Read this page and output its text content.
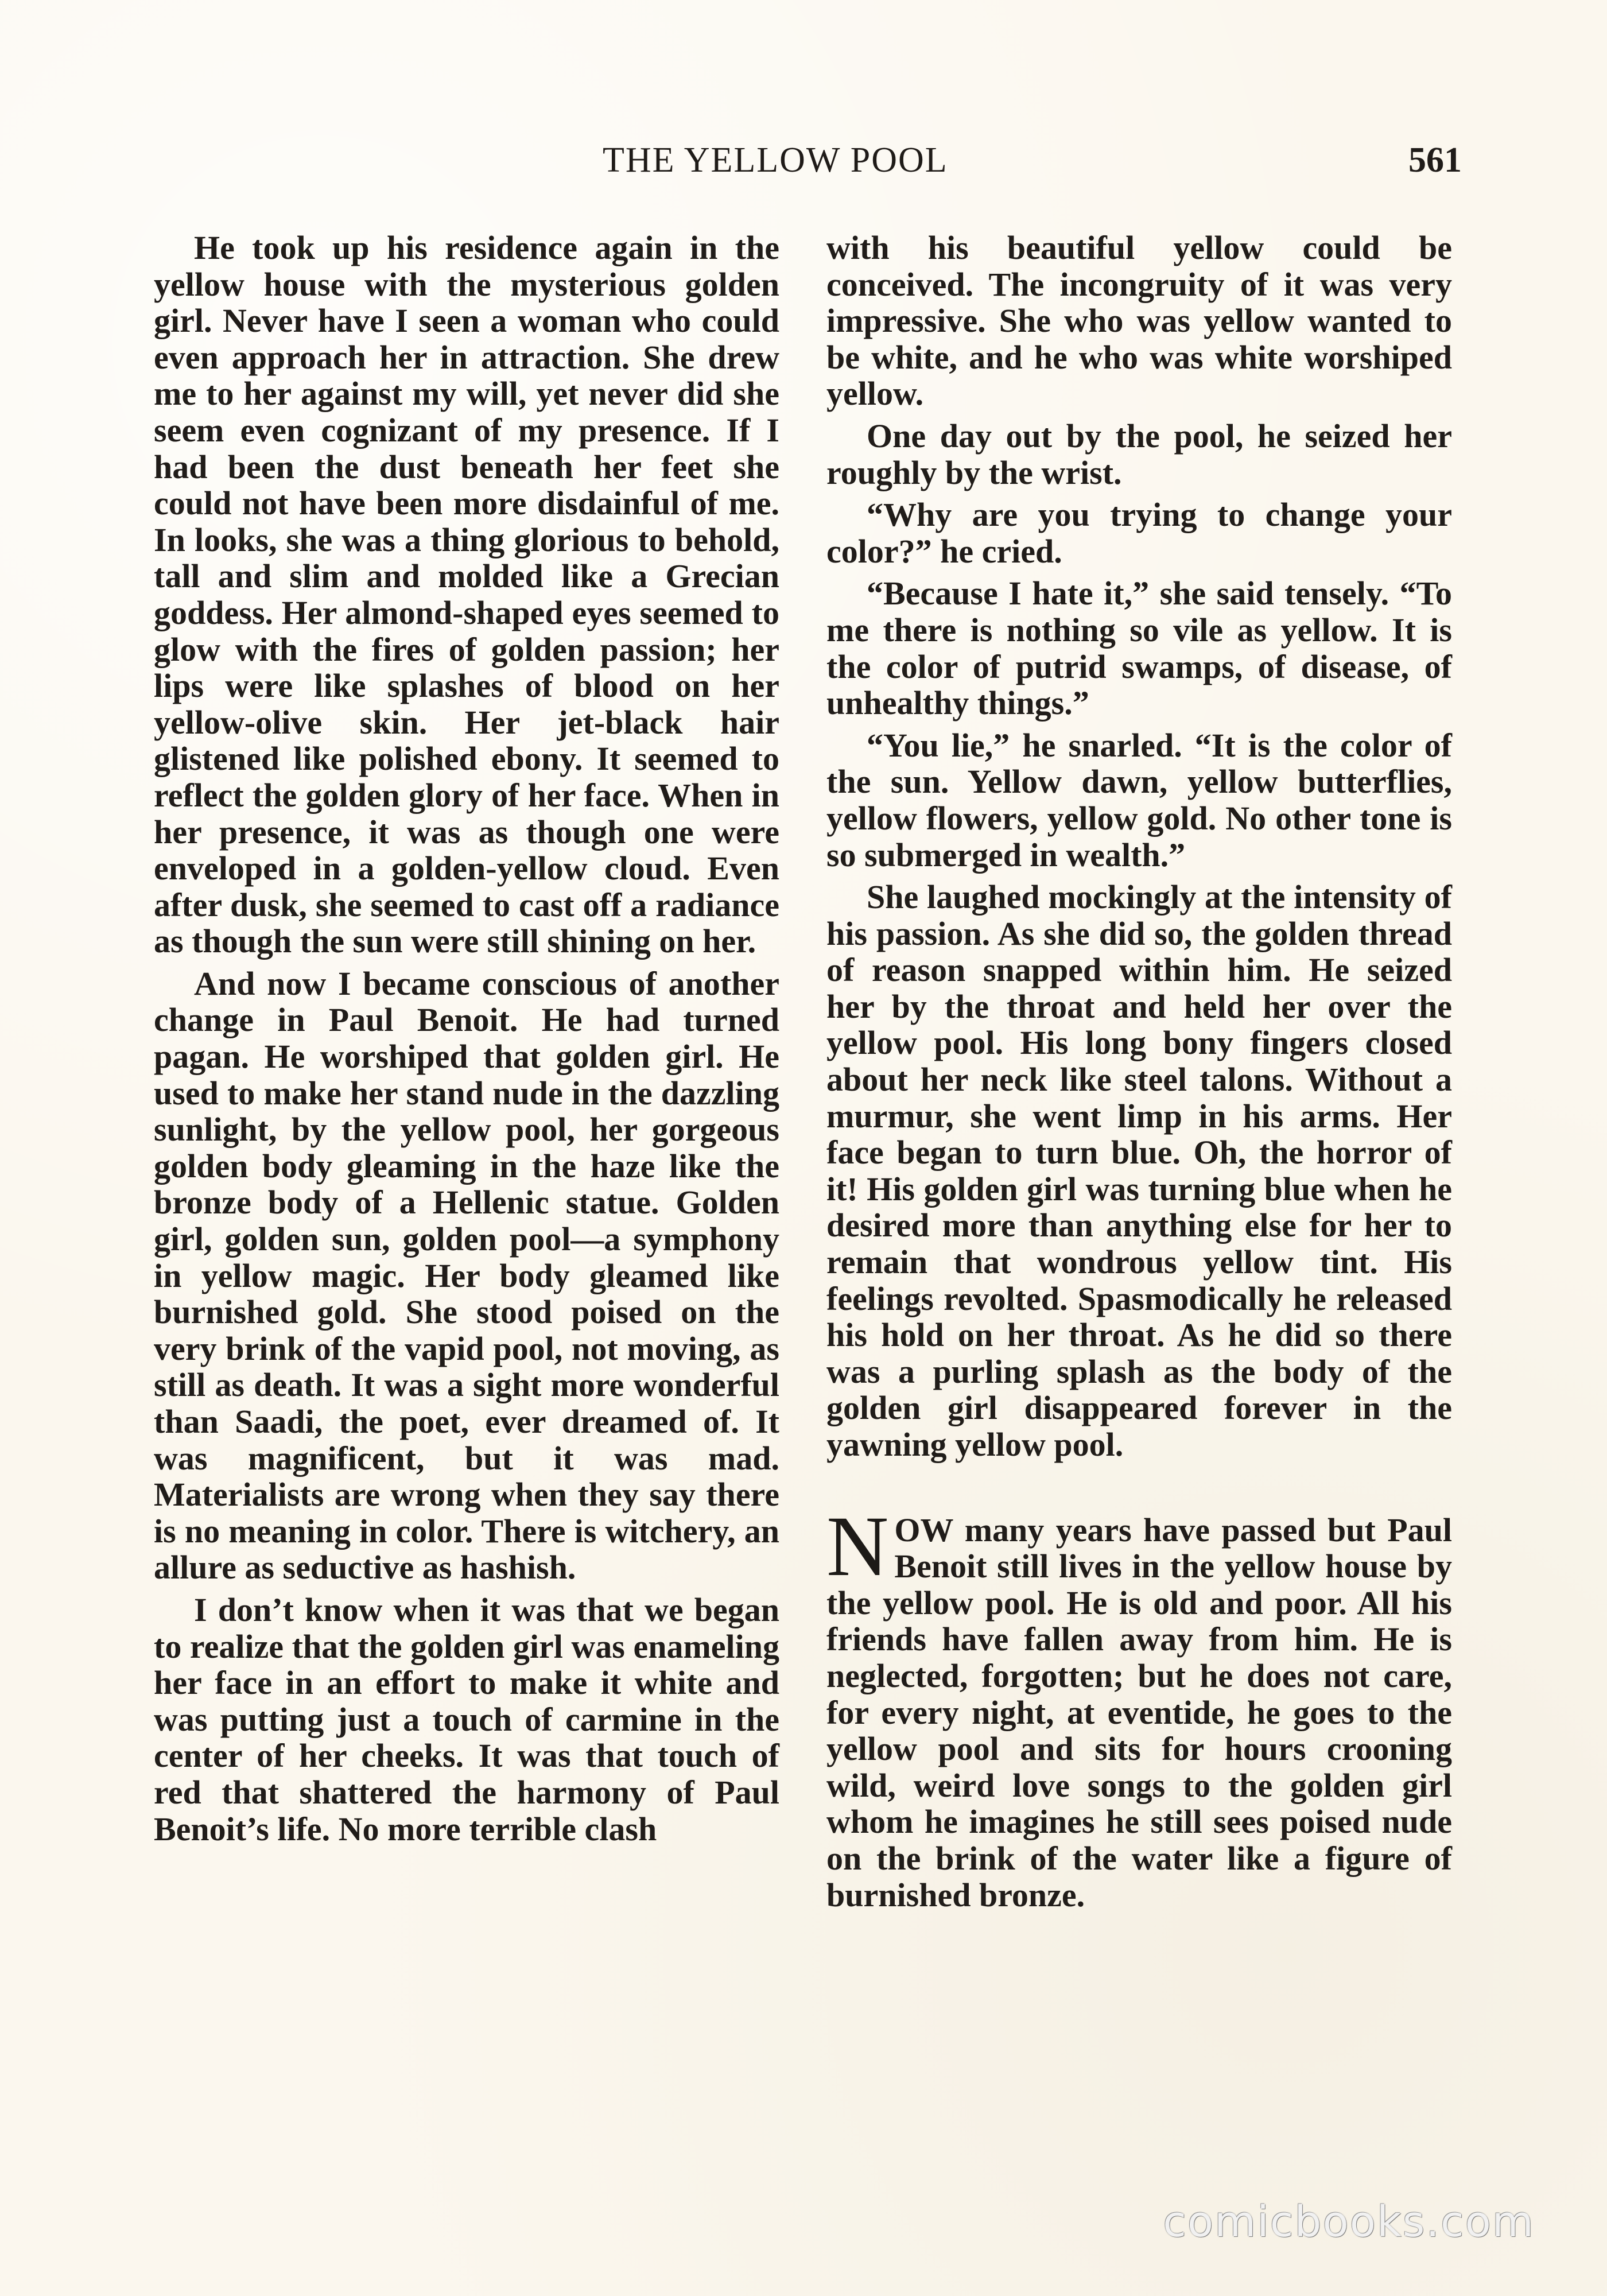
THE YELLOW POOL	561

He took up his residence again in the yellow house with the mysterious golden girl. Never have I seen a woman who could even approach her in attraction. She drew me to her against my will, yet never did she seem even cognizant of my presence. If I had been the dust beneath her feet she could not have been more disdainful of me. In looks, she was a thing glorious to behold, tall and slim and molded like a Grecian goddess. Her almond-shaped eyes seemed to glow with the fires of golden passion; her lips were like splashes of blood on her yellow-olive skin. Her jet-black hair glistened like polished ebony. It seemed to reflect the golden glory of her face. When in her presence, it was as though one were enveloped in a golden-yellow cloud. Even after dusk, she seemed to cast off a radiance as though the sun were still shining on her.

And now I became conscious of another change in Paul Benoit. He had turned pagan. He worshiped that golden girl. He used to make her stand nude in the dazzling sunlight, by the yellow pool, her gorgeous golden body gleaming in the haze like the bronze body of a Hellenic statue. Golden girl, golden sun, golden pool—a symphony in yellow magic. Her body gleamed like burnished gold. She stood poised on the very brink of the vapid pool, not moving, as still as death. It was a sight more wonderful than Saadi, the poet, ever dreamed of. It was magnificent, but it was mad. Materialists are wrong when they say there is no meaning in color. There is witchery, an allure as seductive as hashish.

I don’t know when it was that we began to realize that the golden girl was enameling her face in an effort to make it white and was putting just a touch of carmine in the center of her cheeks. It was that touch of red that shattered the harmony of Paul Benoit’s life. No more terrible clash

with his beautiful yellow could be conceived. The incongruity of it was very impressive. She who was yellow wanted to be white, and he who was white worshiped yellow.

One day out by the pool, he seized her roughly by the wrist.

“Why are you trying to change your color?” he cried.

“Because I hate it,” she said tensely. “To me there is nothing so vile as yellow. It is the color of putrid swamps, of disease, of unhealthy things.”

“You lie,” he snarled. “It is the color of the sun. Yellow dawn, yellow butterflies, yellow flowers, yellow gold. No other tone is so submerged in wealth.”

She laughed mockingly at the intensity of his passion. As she did so, the golden thread of reason snapped within him. He seized her by the throat and held her over the yellow pool. His long bony fingers closed about her neck like steel talons. Without a murmur, she went limp in his arms. Her face began to turn blue. Oh, the horror of it! His golden girl was turning blue when he desired more than anything else for her to remain that wondrous yellow tint. His feelings revolted. Spasmodically he released his hold on her throat. As he did so there was a purling splash as the body of the golden girl disappeared forever in the yawning yellow pool.

NOW many years have passed but Paul Benoit still lives in the yellow house by the yellow pool. He is old and poor. All his friends have fallen away from him. He is neglected, forgotten; but he does not care, for every night, at eventide, he goes to the yellow pool and sits for hours crooning wild, weird love songs to the golden girl whom he imagines he still sees poised nude on the brink of the water like a figure of burnished bronze.

comicbooks.com
